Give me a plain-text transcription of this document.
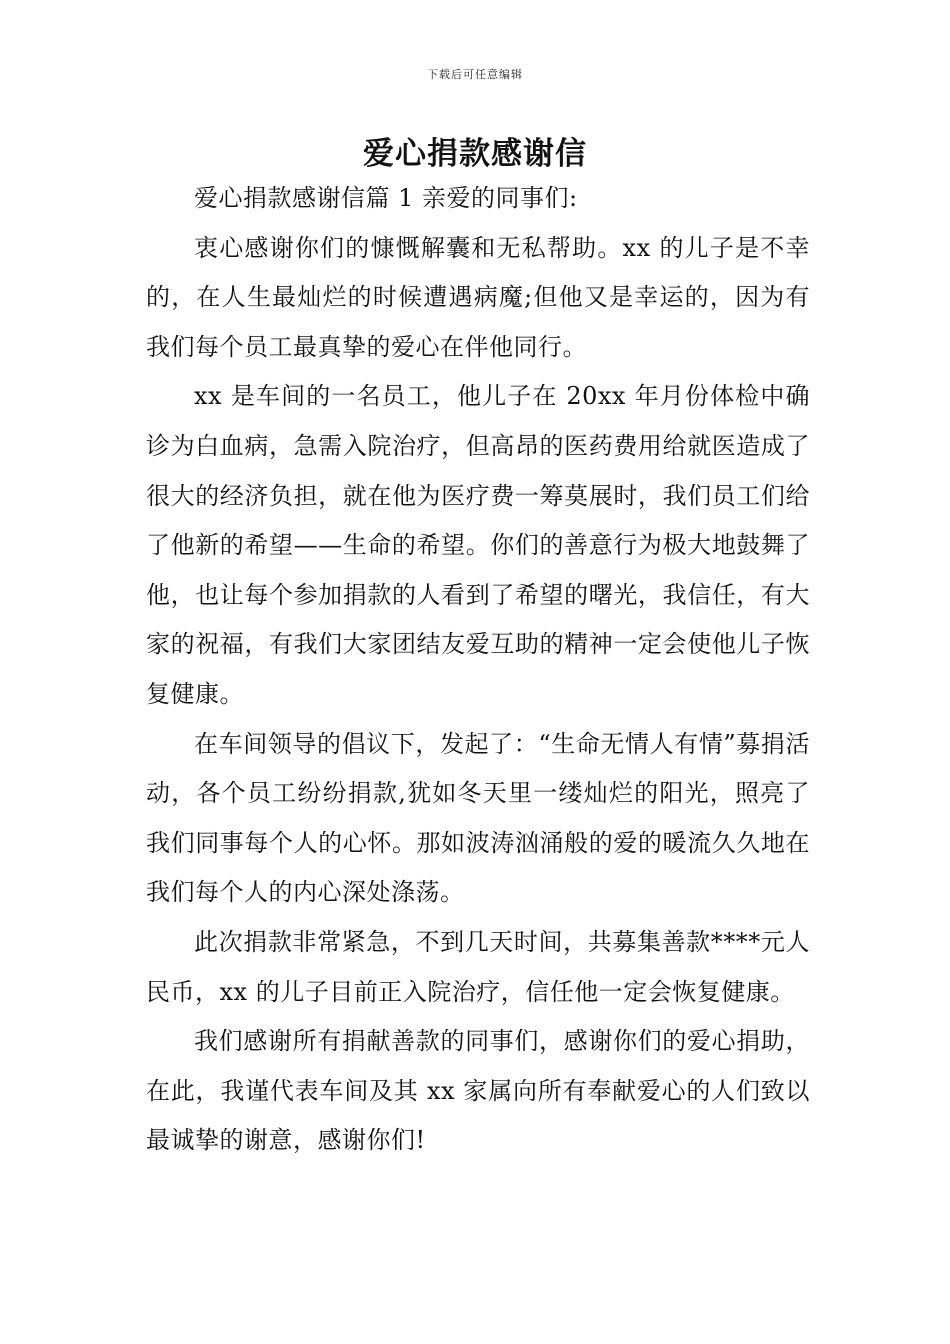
下载后可任意编辑
爱心捐款感谢信

爱心捐款感谢信篇 1 亲爱的同事们:

衷心感谢你们的慷慨解囊和无私帮助。xx 的儿子是不幸的，在人生最灿烂的时候遭遇病魔;但他又是幸运的，因为有我们每个员工最真挚的爱心在伴他同行。

xx 是车间的一名员工，他儿子在 20xx 年月份体检中确诊为白血病，急需入院治疗，但高昂的医药费用给就医造成了很大的经济负担，就在他为医疗费一筹莫展时，我们员工们给了他新的希望——生命的希望。你们的善意行为极大地鼓舞了他，也让每个参加捐款的人看到了希望的曙光，我信任，有大家的祝福，有我们大家团结友爱互助的精神一定会使他儿子恢复健康。

在车间领导的倡议下，发起了：“生命无情人有情”募捐活动，各个员工纷纷捐款,犹如冬天里一缕灿烂的阳光，照亮了我们同事每个人的心怀。那如波涛汹涌般的爱的暖流久久地在我们每个人的内心深处涤荡。

此次捐款非常紧急，不到几天时间，共募集善款****元人民币，xx 的儿子目前正入院治疗，信任他一定会恢复健康。

我们感谢所有捐献善款的同事们，感谢你们的爱心捐助，在此，我谨代表车间及其 xx 家属向所有奉献爱心的人们致以最诚挚的谢意，感谢你们!
